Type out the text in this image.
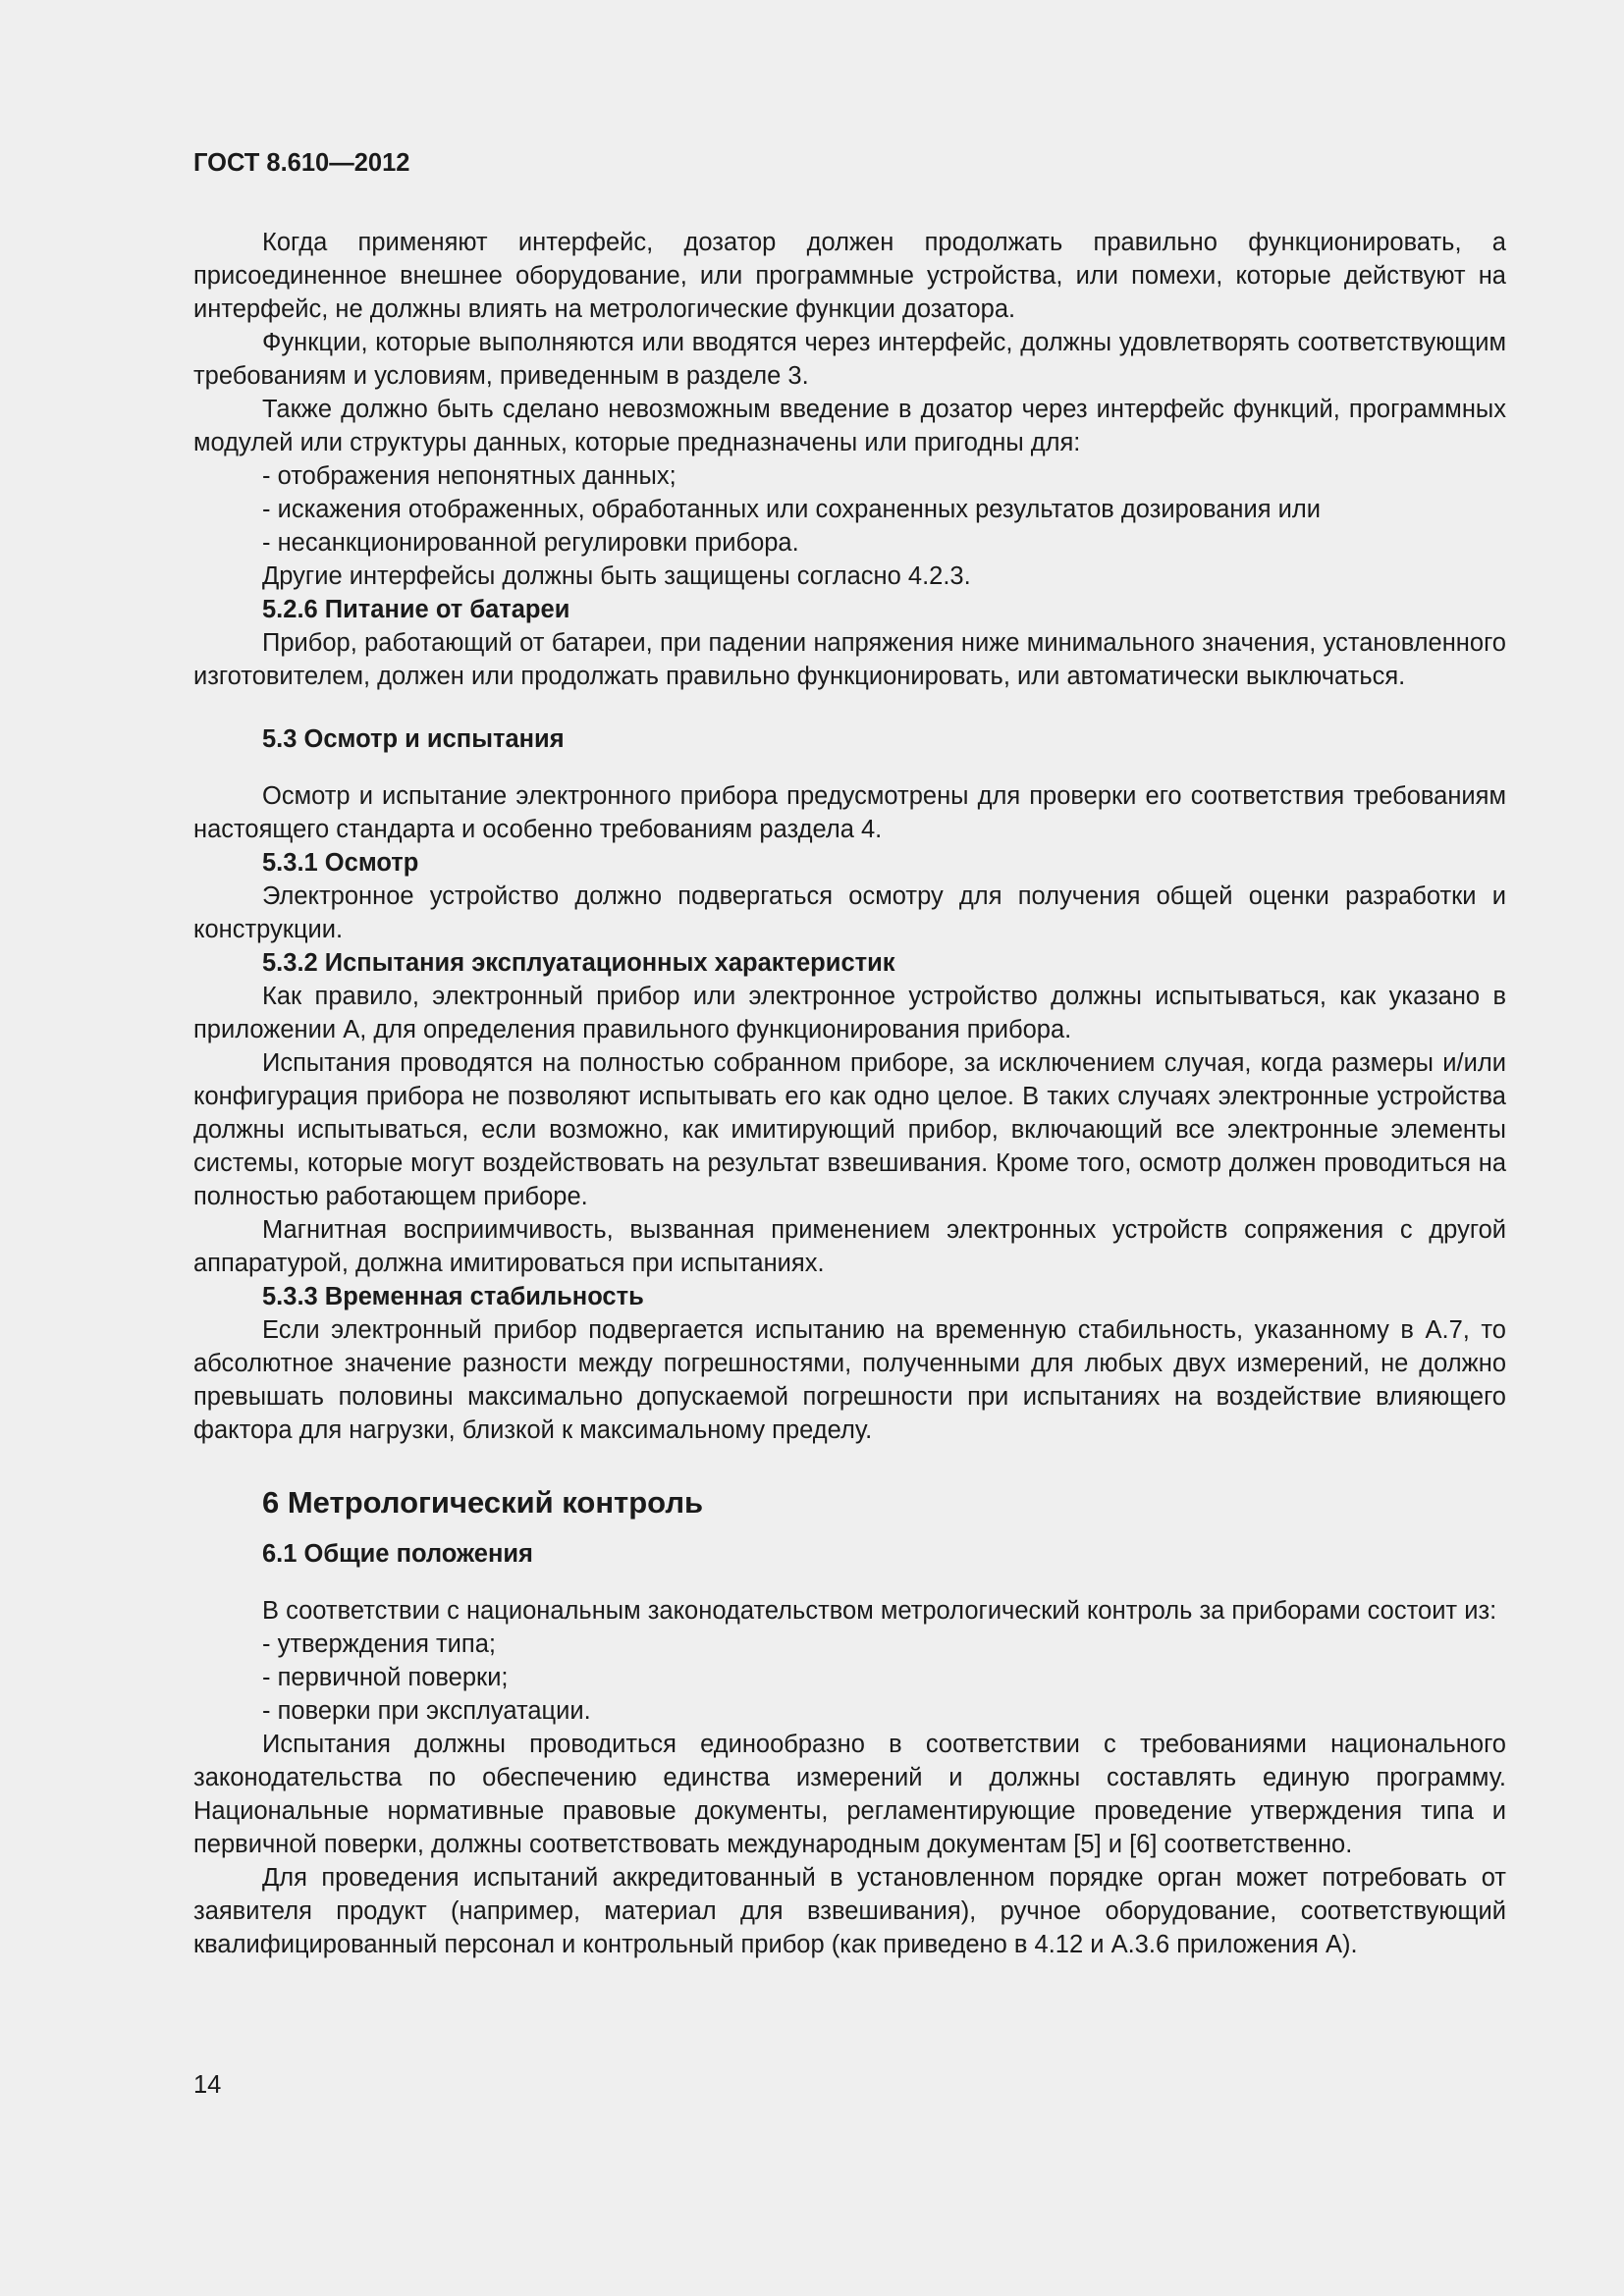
ГОСТ 8.610—2012

Когда применяют интерфейс, дозатор должен продолжать правильно функционировать, а присоединенное внешнее оборудование, или программные устройства, или помехи, которые действуют на интерфейс, не должны влиять на метрологические функции дозатора.

Функции, которые выполняются или вводятся через интерфейс, должны удовлетворять соответствующим требованиям и условиям, приведенным в разделе 3.

Также должно быть сделано невозможным введение в дозатор через интерфейс функций, программных модулей или структуры данных, которые предназначены или пригодны для:

- отображения непонятных данных;
- искажения отображенных, обработанных или сохраненных результатов дозирования или
- несанкционированной регулировки прибора.

Другие интерфейсы должны быть защищены согласно 4.2.3.

5.2.6 Питание от батареи

Прибор, работающий от батареи, при падении напряжения ниже минимального значения, установленного изготовителем, должен или продолжать правильно функционировать, или автоматически выключаться.

5.3 Осмотр и испытания

Осмотр и испытание электронного прибора предусмотрены для проверки его соответствия требованиям настоящего стандарта и особенно требованиям раздела 4.

5.3.1 Осмотр

Электронное устройство должно подвергаться осмотру для получения общей оценки разработки и конструкции.

5.3.2 Испытания эксплуатационных характеристик

Как правило, электронный прибор или электронное устройство должны испытываться, как указано в приложении А, для определения правильного функционирования прибора.

Испытания проводятся на полностью собранном приборе, за исключением случая, когда размеры и/или конфигурация прибора не позволяют испытывать его как одно целое. В таких случаях электронные устройства должны испытываться, если возможно, как имитирующий прибор, включающий все электронные элементы системы, которые могут воздействовать на результат взвешивания. Кроме того, осмотр должен проводиться на полностью работающем приборе.

Магнитная восприимчивость, вызванная применением электронных устройств сопряжения с другой аппаратурой, должна имитироваться при испытаниях.

5.3.3 Временная стабильность

Если электронный прибор подвергается испытанию на временную стабильность, указанному в А.7, то абсолютное значение разности между погрешностями, полученными для любых двух измерений, не должно превышать половины максимально допускаемой погрешности при испытаниях на воздействие влияющего фактора для нагрузки, близкой к максимальному пределу.

6 Метрологический контроль
6.1 Общие положения

В соответствии с национальным законодательством метрологический контроль за приборами состоит из:

- утверждения типа;
- первичной поверки;
- поверки при эксплуатации.

Испытания должны проводиться единообразно в соответствии с требованиями национального законодательства по обеспечению единства измерений и должны составлять единую программу. Национальные нормативные правовые документы, регламентирующие проведение утверждения типа и первичной поверки, должны соответствовать международным документам [5] и [6] соответственно.

Для проведения испытаний аккредитованный в установленном порядке орган может потребовать от заявителя продукт (например, материал для взвешивания), ручное оборудование, соответствующий квалифицированный персонал и контрольный прибор (как приведено в 4.12 и А.3.6 приложения А).

14
